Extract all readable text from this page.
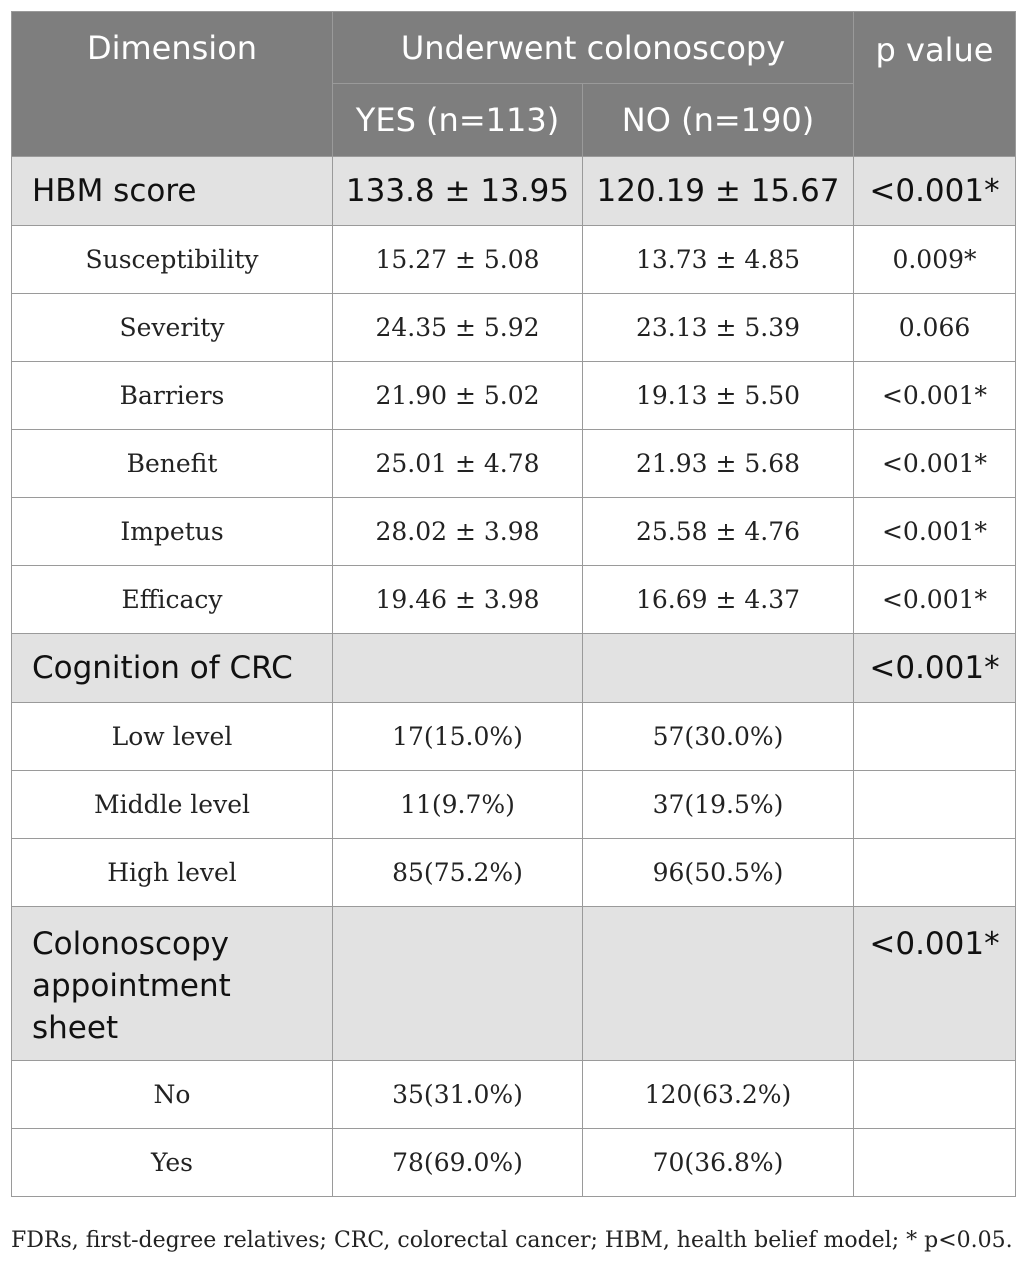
Dimension	Underwent colonoscopy		p value
	YES (n=113)	NO (n=190)	
HBM score	133.8 ± 13.95	120.19 ± 15.67	<0.001*
Susceptibility	15.27 ± 5.08	13.73 ± 4.85	0.009*
Severity	24.35 ± 5.92	23.13 ± 5.39	0.066
Barriers	21.90 ± 5.02	19.13 ± 5.50	<0.001*
Benefit	25.01 ± 4.78	21.93 ± 5.68	<0.001*
Impetus	28.02 ± 3.98	25.58 ± 4.76	<0.001*
Efficacy	19.46 ± 3.98	16.69 ± 4.37	<0.001*
Cognition of CRC			<0.001*
Low level	17(15.0%)	57(30.0%)	
Middle level	11(9.7%)	37(19.5%)	
High level	85(75.2%)	96(50.5%)	
Colonoscopy appointment sheet			<0.001*
No	35(31.0%)	120(63.2%)	
Yes	78(69.0%)	70(36.8%)	
FDRs, first-degree relatives; CRC, colorectal cancer; HBM, health belief model; * p<0.05.
